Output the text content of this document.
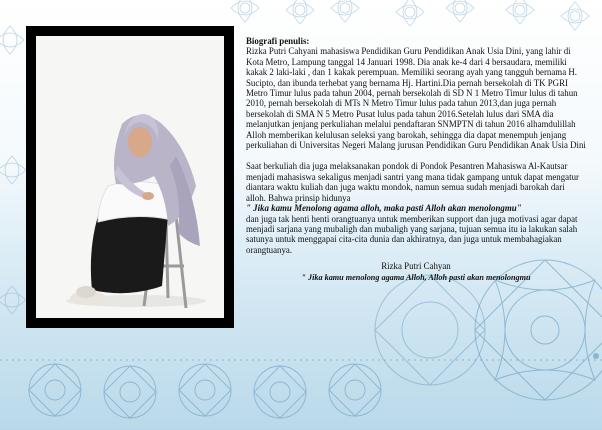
Biografi penulis:

Rizka Putri Cahyani mahasiswa Pendidikan Guru Pendidikan Anak Usia Dini, yang lahir di Kota Metro, Lampung tanggal 14 Januari 1998. Dia anak ke-4 dari 4 bersaudara, memiliki kakak 2 laki-laki , dan 1 kakak perempuan. Memiliki seorang ayah yang tangguh bernama H. Sucipto, dan ibunda terhebat yang bernama Hj. Hartini.Dia pernah bersekolah di TK PGRI Metro Timur lulus pada tahun 2004, pernah bersekolah di SD N 1 Metro Timur lulus di tahun 2010, pernah bersekolah di MTs N Metro Timur lulus pada tahun 2013,dan juga pernah bersekolah di SMA N 5 Metro Pusat lulus pada tahun 2016.Setelah lulus dari SMA dia melanjutkan jenjang perkuliahan melalui pendaftaran SNMPTN di tahun 2016 alhamdulillah Alloh memberikan kelulusan seleksi yang barokah, sehingga dia dapat menempuh jenjang perkuliahan di Universitas Negeri Malang jurusan Pendidikan Guru Pendidikan Anak Usia Dini

Saat berkuliah dia juga melaksanakan pondok di Pondok Pesantren Mahasiswa Al-Kautsar menjadi mahasiswa sekaligus menjadi santri yang mana tidak gampang untuk dapat mengatur diantara waktu kuliah dan juga waktu mondok, namun semua sudah menjadi barokah dari alloh. Bahwa prinsip hidunya

" Jika kamu Menolong agama alloh, maka pasti Alloh akan menolongmu"

dan juga tak henti henti orangtuanya untuk memberikan support dan juga motivasi agar dapat menjadi sarjana yang mubaligh dan mubaligh yang sarjana, tujuan semua itu ia lakukan salah satunya untuk menggapai cita-cita dunia dan akhiratnya, dan juga untuk membahagiakan orangtuanya.

Rizka Putri Cahyan

" Jika kamu menolong agama Alloh, Alloh pasti akan menolongmu
